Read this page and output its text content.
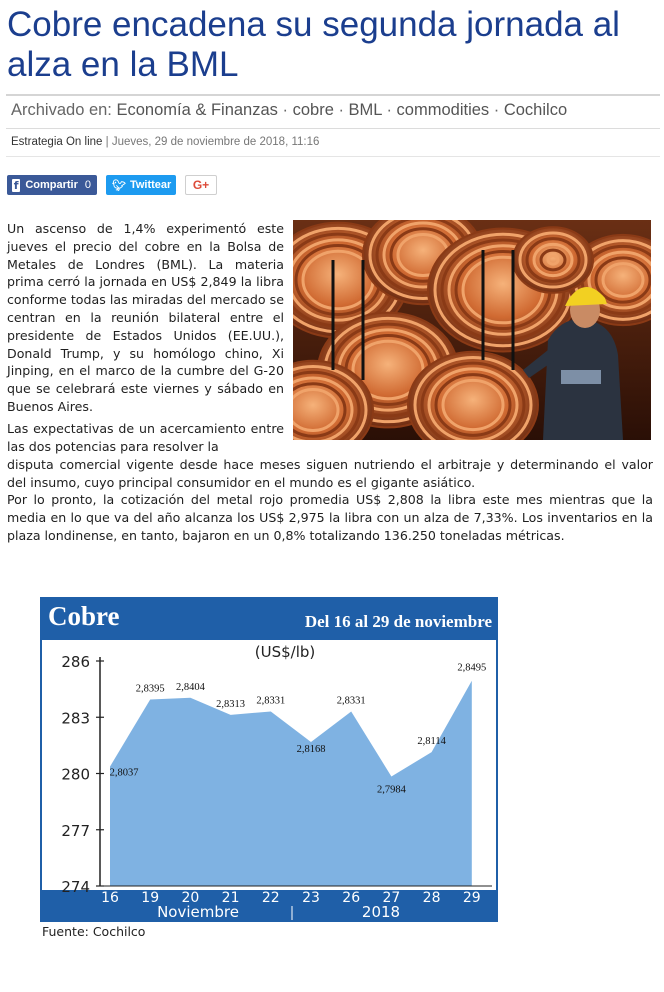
Cobre encadena su segunda jornada al alza en la BML
Archivado en: Economía & Finanzas · cobre · BML · commodities · Cochilco
Estrategia On line | Jueves, 29 de noviembre de 2018, 11:16
f Compartir 0 🐦︎ Twittear G+

Un ascenso de 1,4% experimentó este jueves el precio del cobre en la Bolsa de Metales de Londres (BML). La materia prima cerró la jornada en US$ 2,849 la libra conforme todas las miradas del mercado se centran en la reunión bilateral entre el presidente de Estados Unidos (EE.UU.), Donald Trump, y su homólogo chino, Xi Jinping, en el marco de la cumbre del G-20 que se celebrará este viernes y sábado en Buenos Aires.

Las expectativas de un acercamiento entre las dos potencias para resolver la

disputa comercial vigente desde hace meses siguen nutriendo el arbitraje y determinando el valor del insumo, cuyo principal consumidor en el mundo es el gigante asiático.

Por lo pronto, la cotización del metal rojo promedia US$ 2,808 la libra este mes mientras que la media en lo que va del año alcanza los US$ 2,975 la libra con un alza de 7,33%. Los inventarios en la plaza londinense, en tanto, bajaron en un 0,8% totalizando 136.250 toneladas métricas.

Cobre	Del 16 al 29 de noviembre
(US$/lb)
286
283
280
277
274
16 19 20 21 22 23 26 27 28 29
2,8037
2,8395 2,8404
2,8313 2,8331
2,8168
2,8331
2,7984
2,8114
2,8495
Noviembre	2018
Fuente: Cochilco
